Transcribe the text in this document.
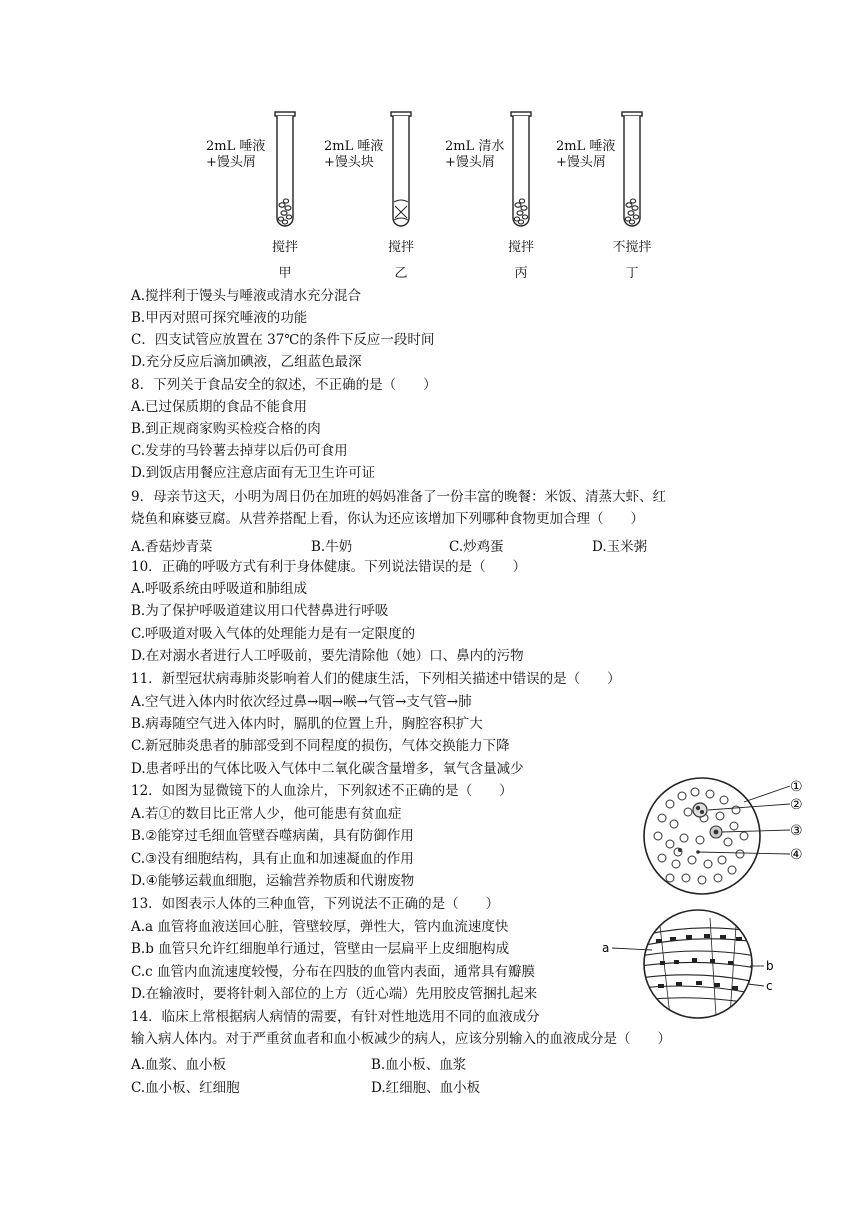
2mL 唾液
+馒头屑
搅拌
甲
2mL 唾液
+馒头块
搅拌
乙
2mL 清水
+馒头屑
搅拌
丙
2mL 唾液
+馒头屑
不搅拌
丁
A.搅拌利于馒头与唾液或清水充分混合
B.甲丙对照可探究唾液的功能
C．四支试管应放置在 37℃的条件下反应一段时间
D.充分反应后滴加碘液，乙组蓝色最深
8．下列关于食品安全的叙述，不正确的是（　　）
A.已过保质期的食品不能食用
B.到正规商家购买检疫合格的肉
C.发芽的马铃薯去掉芽以后仍可食用
D.到饭店用餐应注意店面有无卫生许可证
9．母亲节这天，小明为周日仍在加班的妈妈准备了一份丰富的晚餐：米饭、清蒸大虾、红
烧鱼和麻婆豆腐。从营养搭配上看，你认为还应该增加下列哪种食物更加合理（　　）
A.香菇炒青菜	B.牛奶	C.炒鸡蛋	D.玉米粥
10．正确的呼吸方式有利于身体健康。下列说法错误的是（　　）
A.呼吸系统由呼吸道和肺组成
B.为了保护呼吸道建议用口代替鼻进行呼吸
C.呼吸道对吸入气体的处理能力是有一定限度的
D.在对溺水者进行人工呼吸前，要先清除他（她）口、鼻内的污物
11．新型冠状病毒肺炎影响着人们的健康生活，下列相关描述中错误的是（　　）
A.空气进入体内时依次经过鼻→咽→喉→气管→支气管→肺
B.病毒随空气进入体内时，膈肌的位置上升，胸腔容积扩大
C.新冠肺炎患者的肺部受到不同程度的损伤，气体交换能力下降
D.患者呼出的气体比吸入气体中二氧化碳含量增多，氧气含量减少
12．如图为显微镜下的人血涂片，下列叙述不正确的是（　　）
A.若①的数目比正常人少，他可能患有贫血症
B.②能穿过毛细血管壁吞噬病菌，具有防御作用
C.③没有细胞结构，具有止血和加速凝血的作用
D.④能够运载血细胞，运输营养物质和代谢废物
①
②
③
④
13．如图表示人体的三种血管，下列说法不正确的是（　　）
A.a 血管将血液送回心脏，管壁较厚，弹性大，管内血流速度快
B.b 血管只允许红细胞单行通过，管壁由一层扁平上皮细胞构成
C.c 血管内血流速度较慢，分布在四肢的血管内表面，通常具有瓣膜
D.在输液时，要将针刺入部位的上方（近心端）先用胶皮管捆扎起来
a
b
c
14．临床上常根据病人病情的需要，有针对性地选用不同的血液成分
输入病人体内。对于严重贫血者和血小板减少的病人，应该分别输入的血液成分是（　　）
A.血浆、血小板	B.血小板、血浆
C.血小板、红细胞	D.红细胞、血小板
